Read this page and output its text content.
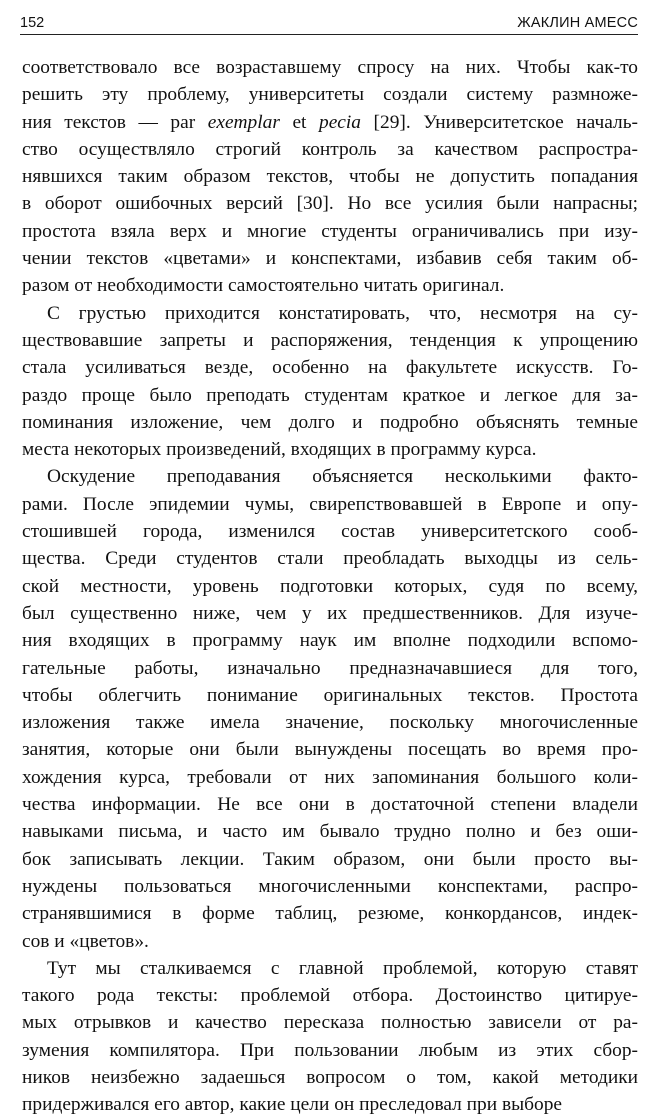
152	ЖАКЛИН АМЕСС
соответствовало все возраставшему спросу на них. Чтобы как-то
решить эту проблему, университеты создали систему размноже-
ния текстов — par exemplar et pecia [29]. Университетское началь-
ство осуществляло строгий контроль за качеством распростра-
нявшихся таким образом текстов, чтобы не допустить попадания
в оборот ошибочных версий [30]. Но все усилия были напрасны;
простота взяла верх и многие студенты ограничивались при изу-
чении текстов «цветами» и конспектами, избавив себя таким об-
разом от необходимости самостоятельно читать оригинал.
С грустью приходится констатировать, что, несмотря на су-
ществовавшие запреты и распоряжения, тенденция к упрощению
стала усиливаться везде, особенно на факультете искусств. Го-
раздо проще было преподать студентам краткое и легкое для за-
поминания изложение, чем долго и подробно объяснять темные
места некоторых произведений, входящих в программу курса.
Оскудение преподавания объясняется несколькими факто-
рами. После эпидемии чумы, свирепствовавшей в Европе и опу-
стошившей города, изменился состав университетского сооб-
щества. Среди студентов стали преобладать выходцы из сель-
ской местности, уровень подготовки которых, судя по всему,
был существенно ниже, чем у их предшественников. Для изуче-
ния входящих в программу наук им вполне подходили вспомо-
гательные работы, изначально предназначавшиеся для того,
чтобы облегчить понимание оригинальных текстов. Простота
изложения также имела значение, поскольку многочисленные
занятия, которые они были вынуждены посещать во время про-
хождения курса, требовали от них запоминания большого коли-
чества информации. Не все они в достаточной степени владели
навыками письма, и часто им бывало трудно полно и без оши-
бок записывать лекции. Таким образом, они были просто вы-
нуждены пользоваться многочисленными конспектами, распро-
странявшимися в форме таблиц, резюме, конкордансов, индек-
сов и «цветов».
Тут мы сталкиваемся с главной проблемой, которую ставят
такого рода тексты: проблемой отбора. Достоинство цитируе-
мых отрывков и качество пересказа полностью зависели от ра-
зумения компилятора. При пользовании любым из этих сбор-
ников неизбежно задаешься вопросом о том, какой методики
придерживался его автор, какие цели он преследовал при выборе
